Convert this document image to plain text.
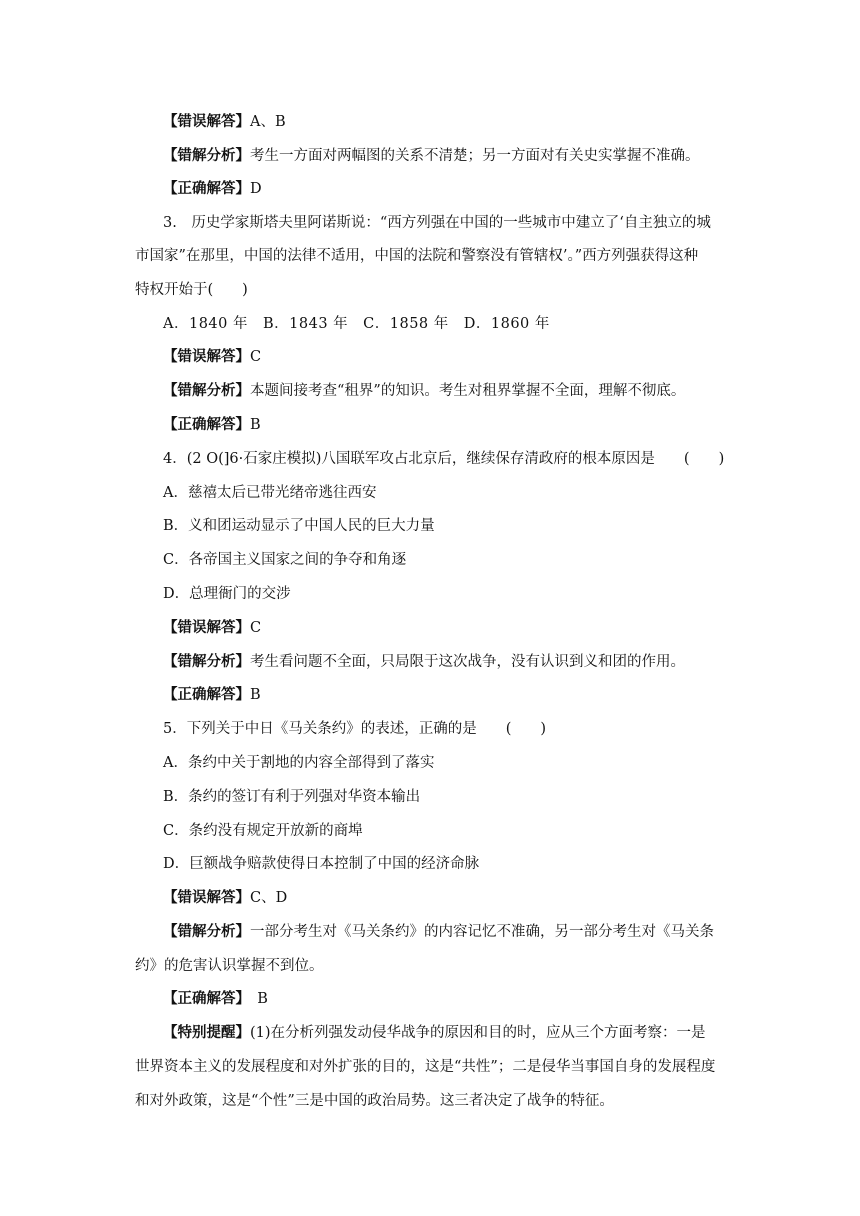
【错误解答】A、B
【错解分析】考生一方面对两幅图的关系不清楚；另一方面对有关史实掌握不准确。
【正确解答】D
3.　历史学家斯塔夫里阿诺斯说：“西方列强在中国的一些城市中建立了‘自主独立的城
市国家”在那里，中国的法律不适用，中国的法院和警察没有管辖权’。”西方列强获得这种
特权开始于(　　)
A．1840 年　B．1843 年　C．1858 年　D．1860 年
【错误解答】C
【错解分析】本题间接考查“租界”的知识。考生对租界掌握不全面，理解不彻底。
【正确解答】B
4．(2 O(]6·石家庄模拟)八国联军攻占北京后，继续保存清政府的根本原因是　　(　　)
A．慈禧太后已带光绪帝逃往西安
B．义和团运动显示了中国人民的巨大力量
C．各帝国主义国家之间的争夺和角逐
D．总理衙门的交涉
【错误解答】C
【错解分析】考生看问题不全面，只局限于这次战争，没有认识到义和团的作用。
【正确解答】B
5．下列关于中日《马关条约》的表述，正确的是　　(　　)
A．条约中关于割地的内容全部得到了落实
B．条约的签订有利于列强对华资本输出
C．条约没有规定开放新的商埠
D．巨额战争赔款使得日本控制了中国的经济命脉
【错误解答】C、D
【错解分析】一部分考生对《马关条约》的内容记忆不准确，另一部分考生对《马关条
约》的危害认识掌握不到位。
【正确解答】　B
【特别提醒】(1)在分析列强发动侵华战争的原因和目的时，应从三个方面考察：一是
世界资本主义的发展程度和对外扩张的目的，这是“共性”；二是侵华当事国自身的发展程度
和对外政策，这是“个性”三是中国的政治局势。这三者决定了战争的特征。
